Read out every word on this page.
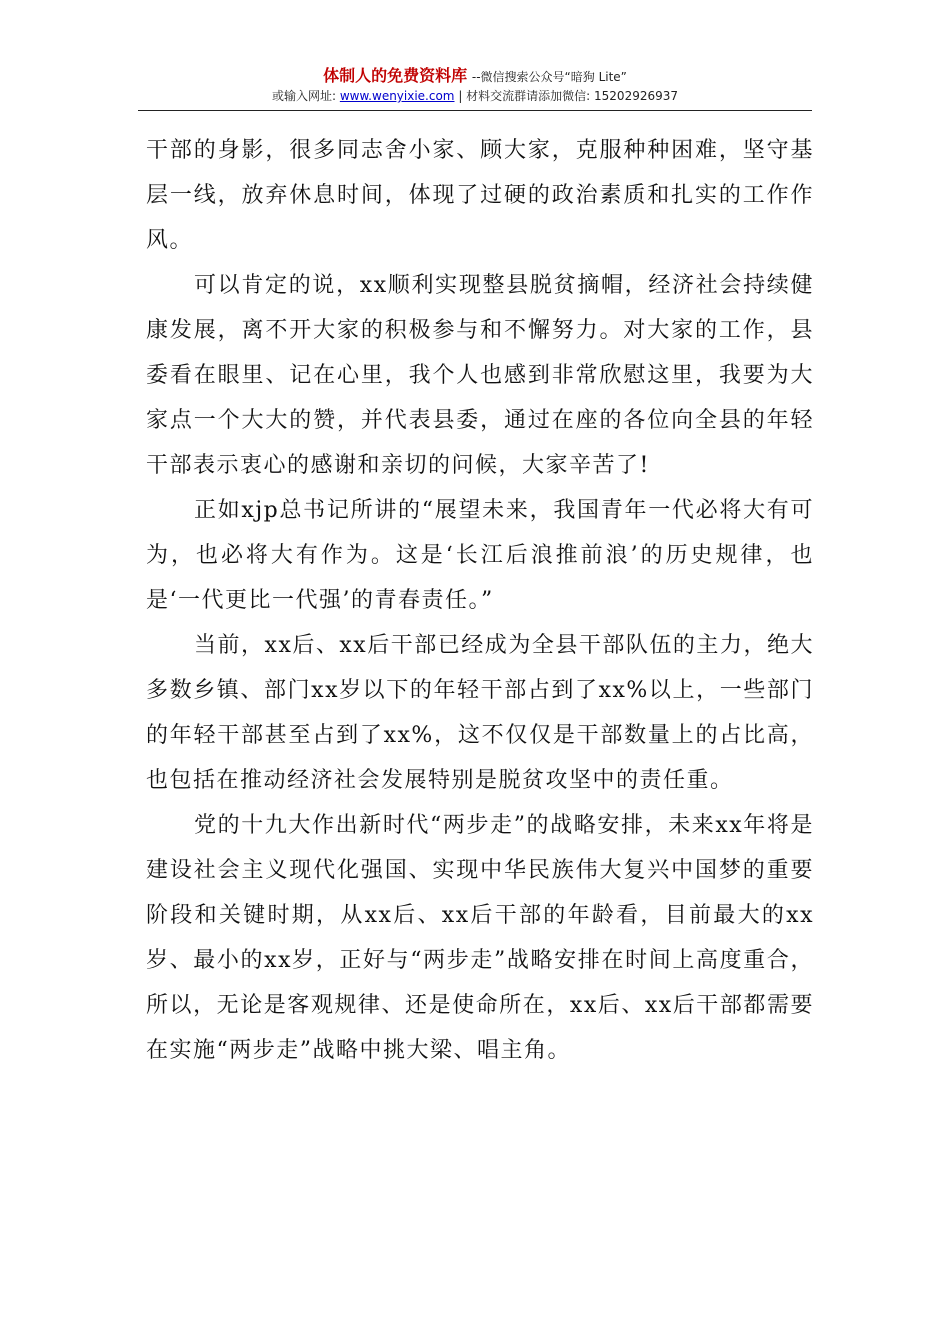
体制人的免费资料库 --微信搜索公众号“暗狗 Lite”
或输入网址: www.wenyixie.com | 材料交流群请添加微信: 15202926937

干部的身影，很多同志舍小家、顾大家，克服种种困难，坚守基层一线，放弃休息时间，体现了过硬的政治素质和扎实的工作作风。

可以肯定的说，xx顺利实现整县脱贫摘帽，经济社会持续健康发展，离不开大家的积极参与和不懈努力。对大家的工作，县委看在眼里、记在心里，我个人也感到非常欣慰这里，我要为大家点一个大大的赞，并代表县委，通过在座的各位向全县的年轻干部表示衷心的感谢和亲切的问候，大家辛苦了!

正如xjp总书记所讲的“展望未来，我国青年一代必将大有可为，也必将大有作为。这是‘长江后浪推前浪’的历史规律，也是‘一代更比一代强’的青春责任。”

当前，xx后、xx后干部已经成为全县干部队伍的主力，绝大多数乡镇、部门xx岁以下的年轻干部占到了xx%以上，一些部门的年轻干部甚至占到了xx%，这不仅仅是干部数量上的占比高，也包括在推动经济社会发展特别是脱贫攻坚中的责任重。

党的十九大作出新时代“两步走”的战略安排，未来xx年将是建设社会主义现代化强国、实现中华民族伟大复兴中国梦的重要阶段和关键时期，从xx后、xx后干部的年龄看，目前最大的xx岁、最小的xx岁，正好与“两步走”战略安排在时间上高度重合，所以，无论是客观规律、还是使命所在，xx后、xx后干部都需要在实施“两步走”战略中挑大梁、唱主角。
